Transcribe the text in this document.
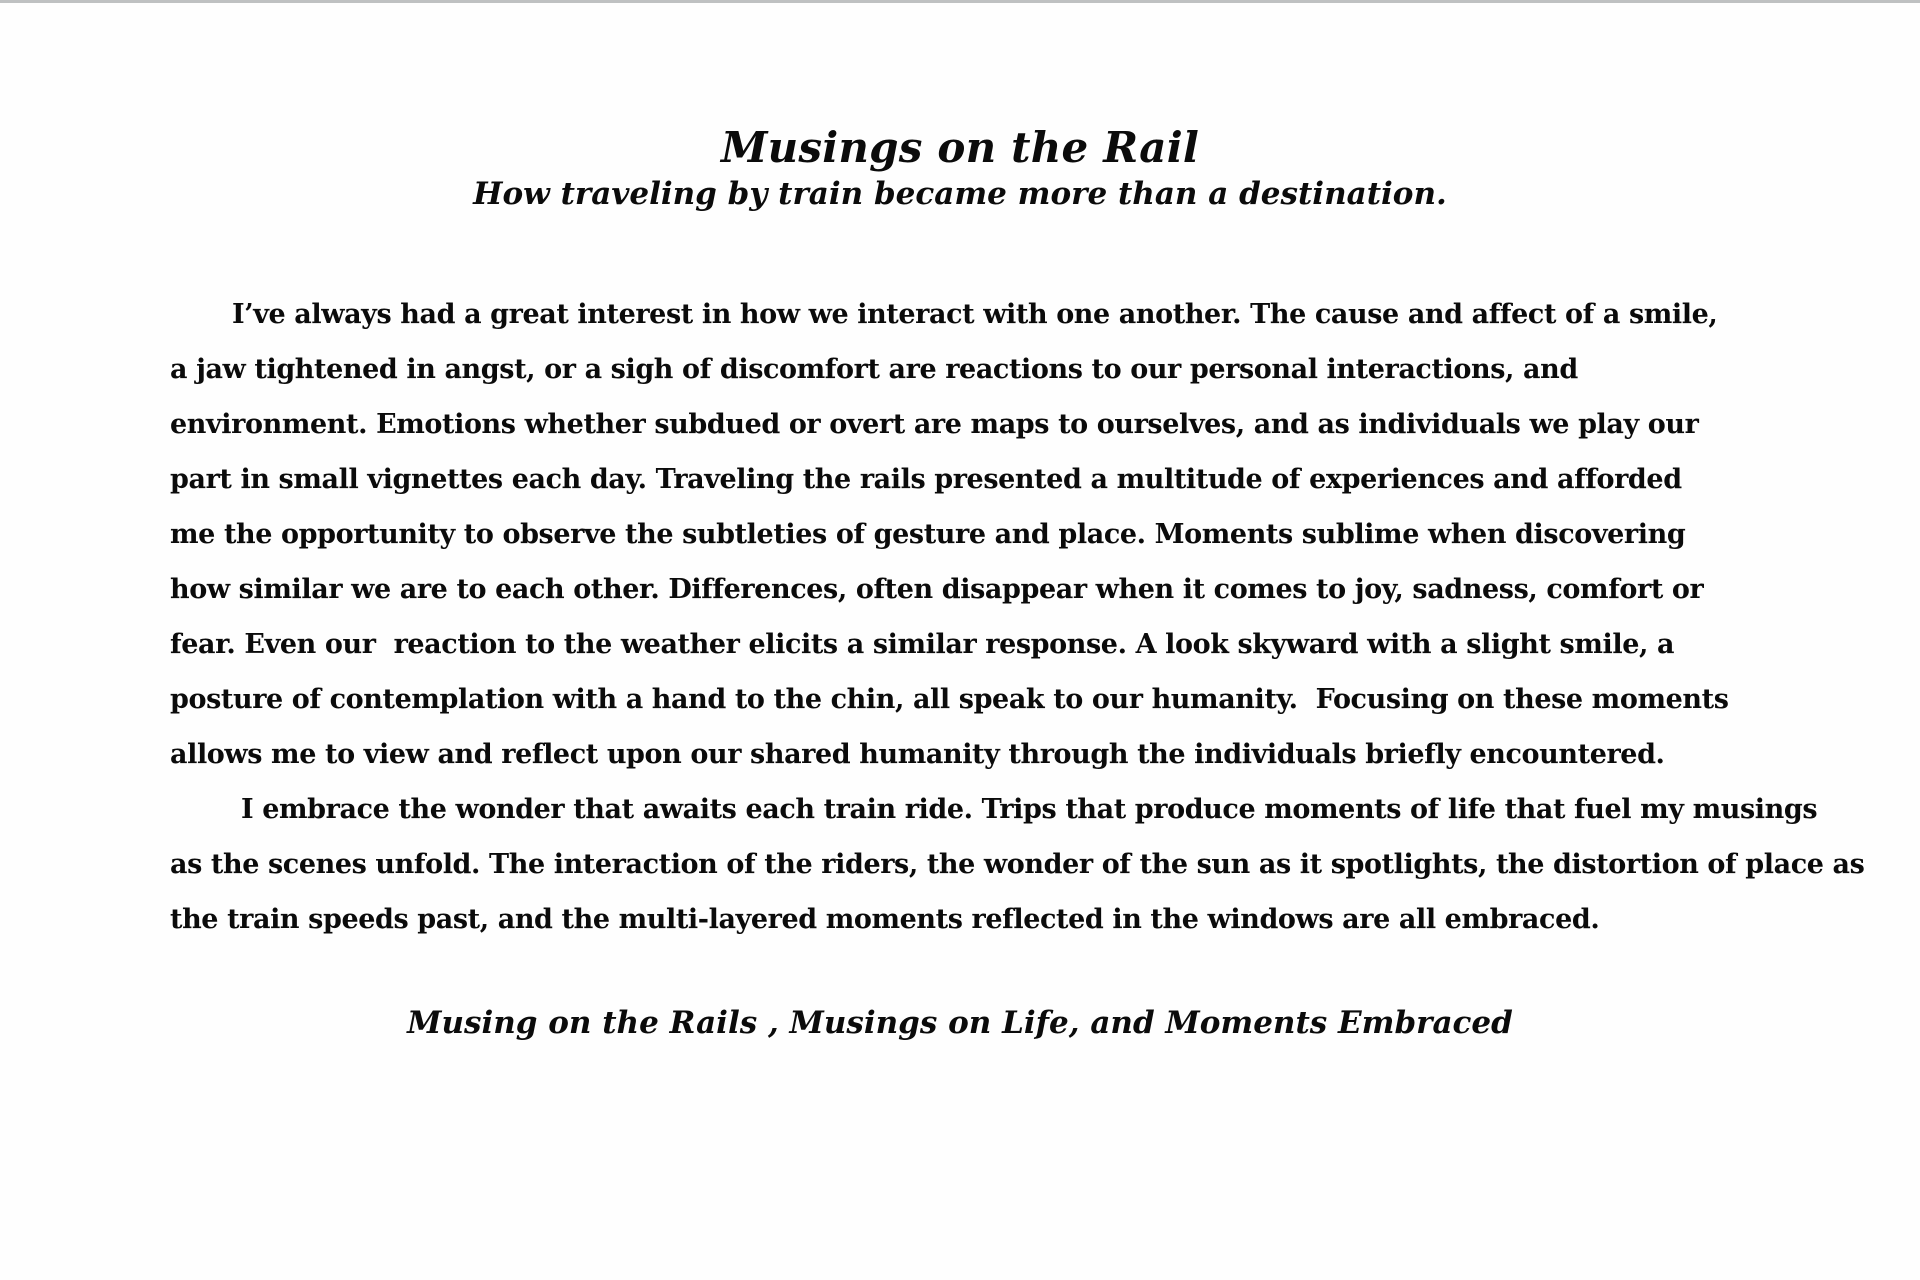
Musings on the Rail
How traveling by train became more than a destination.
I’ve always had a great interest in how we interact with one another. The cause and affect of a smile,
a jaw tightened in angst, or a sigh of discomfort are reactions to our personal interactions, and
environment. Emotions whether subdued or overt are maps to ourselves, and as individuals we play our
part in small vignettes each day. Traveling the rails presented a multitude of experiences and afforded
me the opportunity to observe the subtleties of gesture and place. Moments sublime when discovering
how similar we are to each other. Differences, often disappear when it comes to joy, sadness, comfort or
fear. Even our  reaction to the weather elicits a similar response. A look skyward with a slight smile, a
posture of contemplation with a hand to the chin, all speak to our humanity.  Focusing on these moments
allows me to view and reflect upon our shared humanity through the individuals briefly encountered.
I embrace the wonder that awaits each train ride. Trips that produce moments of life that fuel my musings
as the scenes unfold. The interaction of the riders, the wonder of the sun as it spotlights, the distortion of place as
the train speeds past, and the multi-layered moments reflected in the windows are all embraced.
Musing on the Rails , Musings on Life, and Moments Embraced
